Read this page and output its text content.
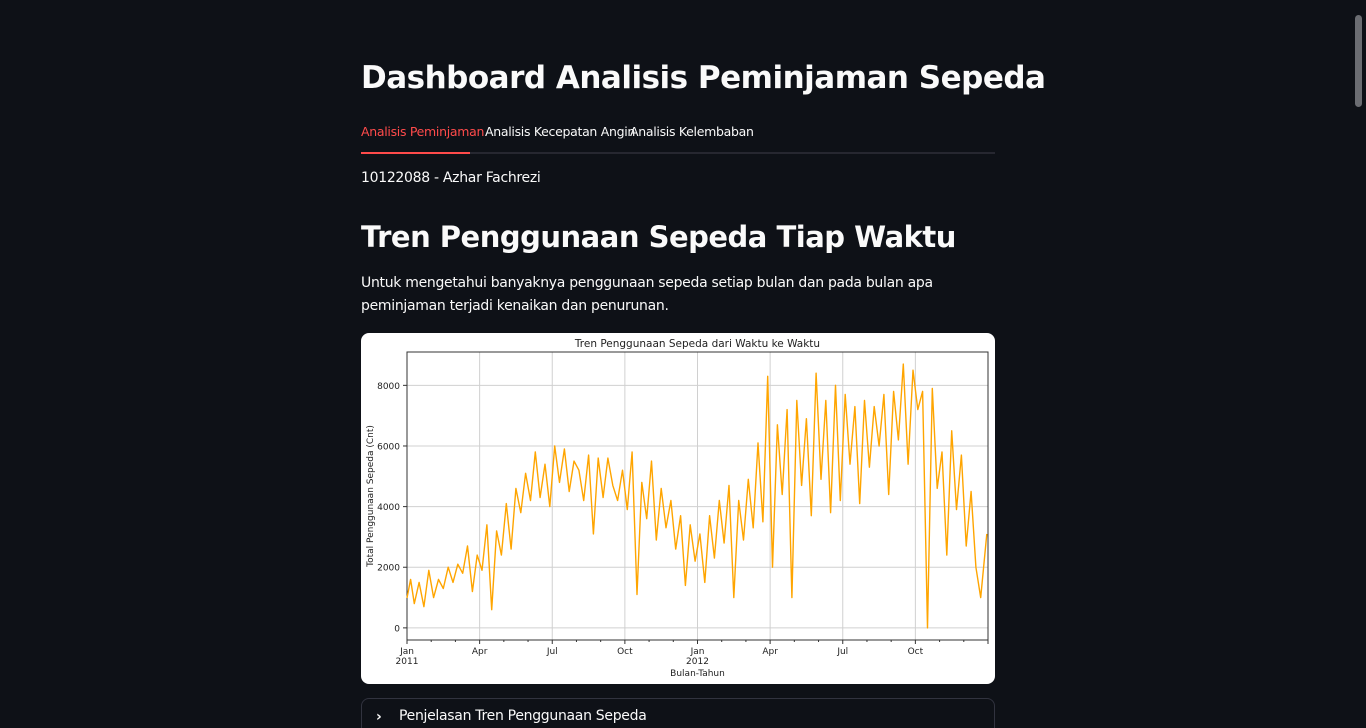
Dashboard Analisis Peminjaman Sepeda
Analisis Peminjaman Analisis Kecepatan Angin
Analisis Kelembaban
10122088 - Azhar Fachrezi
Tren Penggunaan Sepeda Tiap Waktu

Untuk mengetahui banyaknya penggunaan sepeda setiap bulan dan pada bulan apa peminjaman terjadi kenaikan dan penurunan.

Tren Penggunaan Sepeda dari Waktu ke Waktu
0
2000
4000
6000
8000
Jan
2011
Apr	Jul	Oct	Jan
2012
Apr	Jul	Oct
Bulan-Tahun
Total Penggunaan Sepeda (Cnt)
› Penjelasan Tren Penggunaan Sepeda
